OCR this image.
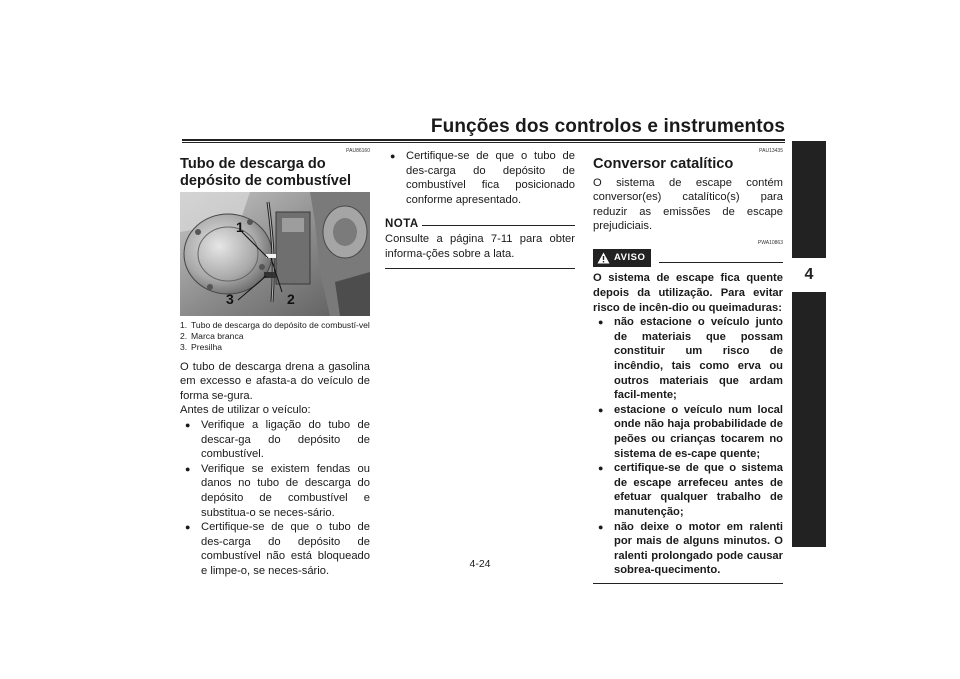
Funções dos controlos e instrumentos
4
PAU86160
Tubo de descarga do depósito de combustível
1
2
3
1. Tubo de descarga do depósito de combustí-vel
2. Marca branca
3. Presilha

O tubo de descarga drena a gasolina em excesso e afasta-a do veículo de forma se-gura.

Antes de utilizar o veículo:

● Verifique a ligação do tubo de descar-ga do depósito de combustível.
● Verifique se existem fendas ou danos no tubo de descarga do depósito de combustível e substitua-o se neces-sário.
● Certifique-se de que o tubo de des-carga do depósito de combustível não está bloqueado e limpe-o, se neces-sário.
● Certifique-se de que o tubo de des-carga do depósito de combustível fica posicionado conforme apresentado.
NOTA

Consulte a página 7-11 para obter informa-ções sobre a lata.

PAU13435
Conversor catalítico

O sistema de escape contém conversor(es) catalítico(s) para reduzir as emissões de escape prejudiciais.

PWA10863
AVISO

O sistema de escape fica quente depois da utilização. Para evitar risco de incên-dio ou queimaduras:

● não estacione o veículo junto de materiais que possam constituir um risco de incêndio, tais como erva ou outros materiais que ardam facil-mente;
● estacione o veículo num local onde não haja probabilidade de peões ou crianças tocarem no sistema de es-cape quente;
● certifique-se de que o sistema de escape arrefeceu antes de efetuar qualquer trabalho de manutenção;
● não deixe o motor em ralenti por mais de alguns minutos. O ralenti prolongado pode causar sobrea-quecimento.
4-24
